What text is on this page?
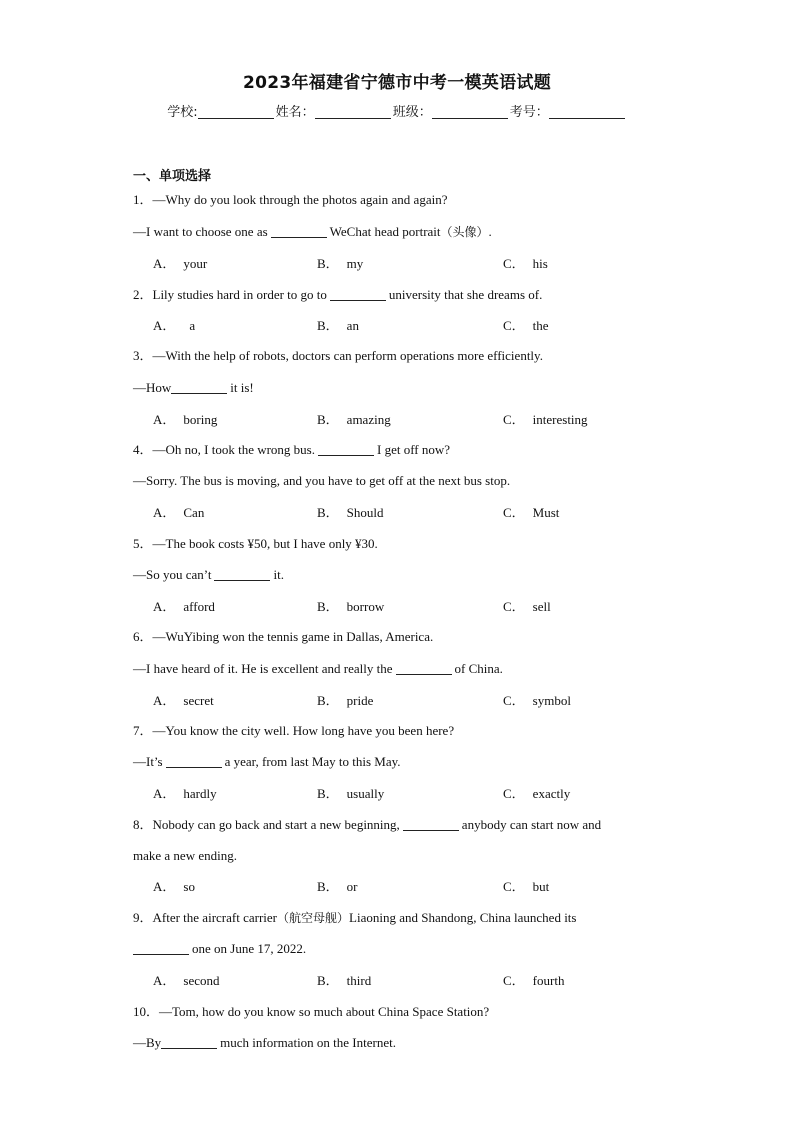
2023年福建省宁德市中考一模英语试题
学校:	姓名：	班级：	考号：
一、单项选择
1．—Why do you look through the photos again and again?
—I want to choose one as	WeChat head portrait（头像）.
A． your	B． my	C． his
2．Lily studies hard in order to go to	university that she dreams of.
A． a	B． an	C． the
3．—With the help of robots, doctors can perform operations more efficiently.
—How	it is!
A． boring	B． amazing	C． interesting
4．—Oh no, I took the wrong bus.	I get off now?
—Sorry. The bus is moving, and you have to get off at the next bus stop.
A． Can	B． Should	C． Must
5．—The book costs ¥50, but I have only ¥30.
—So you can’t	it.
A． afford	B． borrow	C． sell
6．—WuYibing won the tennis game in Dallas, America.
—I have heard of it. He is excellent and really the	of China.
A． secret	B． pride	C． symbol
7．—You know the city well. How long have you been here?
—It’s	a year, from last May to this May.
A． hardly	B． usually	C． exactly
8．Nobody can go back and start a new beginning,	anybody can start now and
make a new ending.
A． so	B． or	C． but
9．After the aircraft carrier（航空母舰）Liaoning and Shandong, China launched its
one on June 17, 2022.
A． second	B． third	C． fourth
10．—Tom, how do you know so much about China Space Station?
—By	much information on the Internet.
